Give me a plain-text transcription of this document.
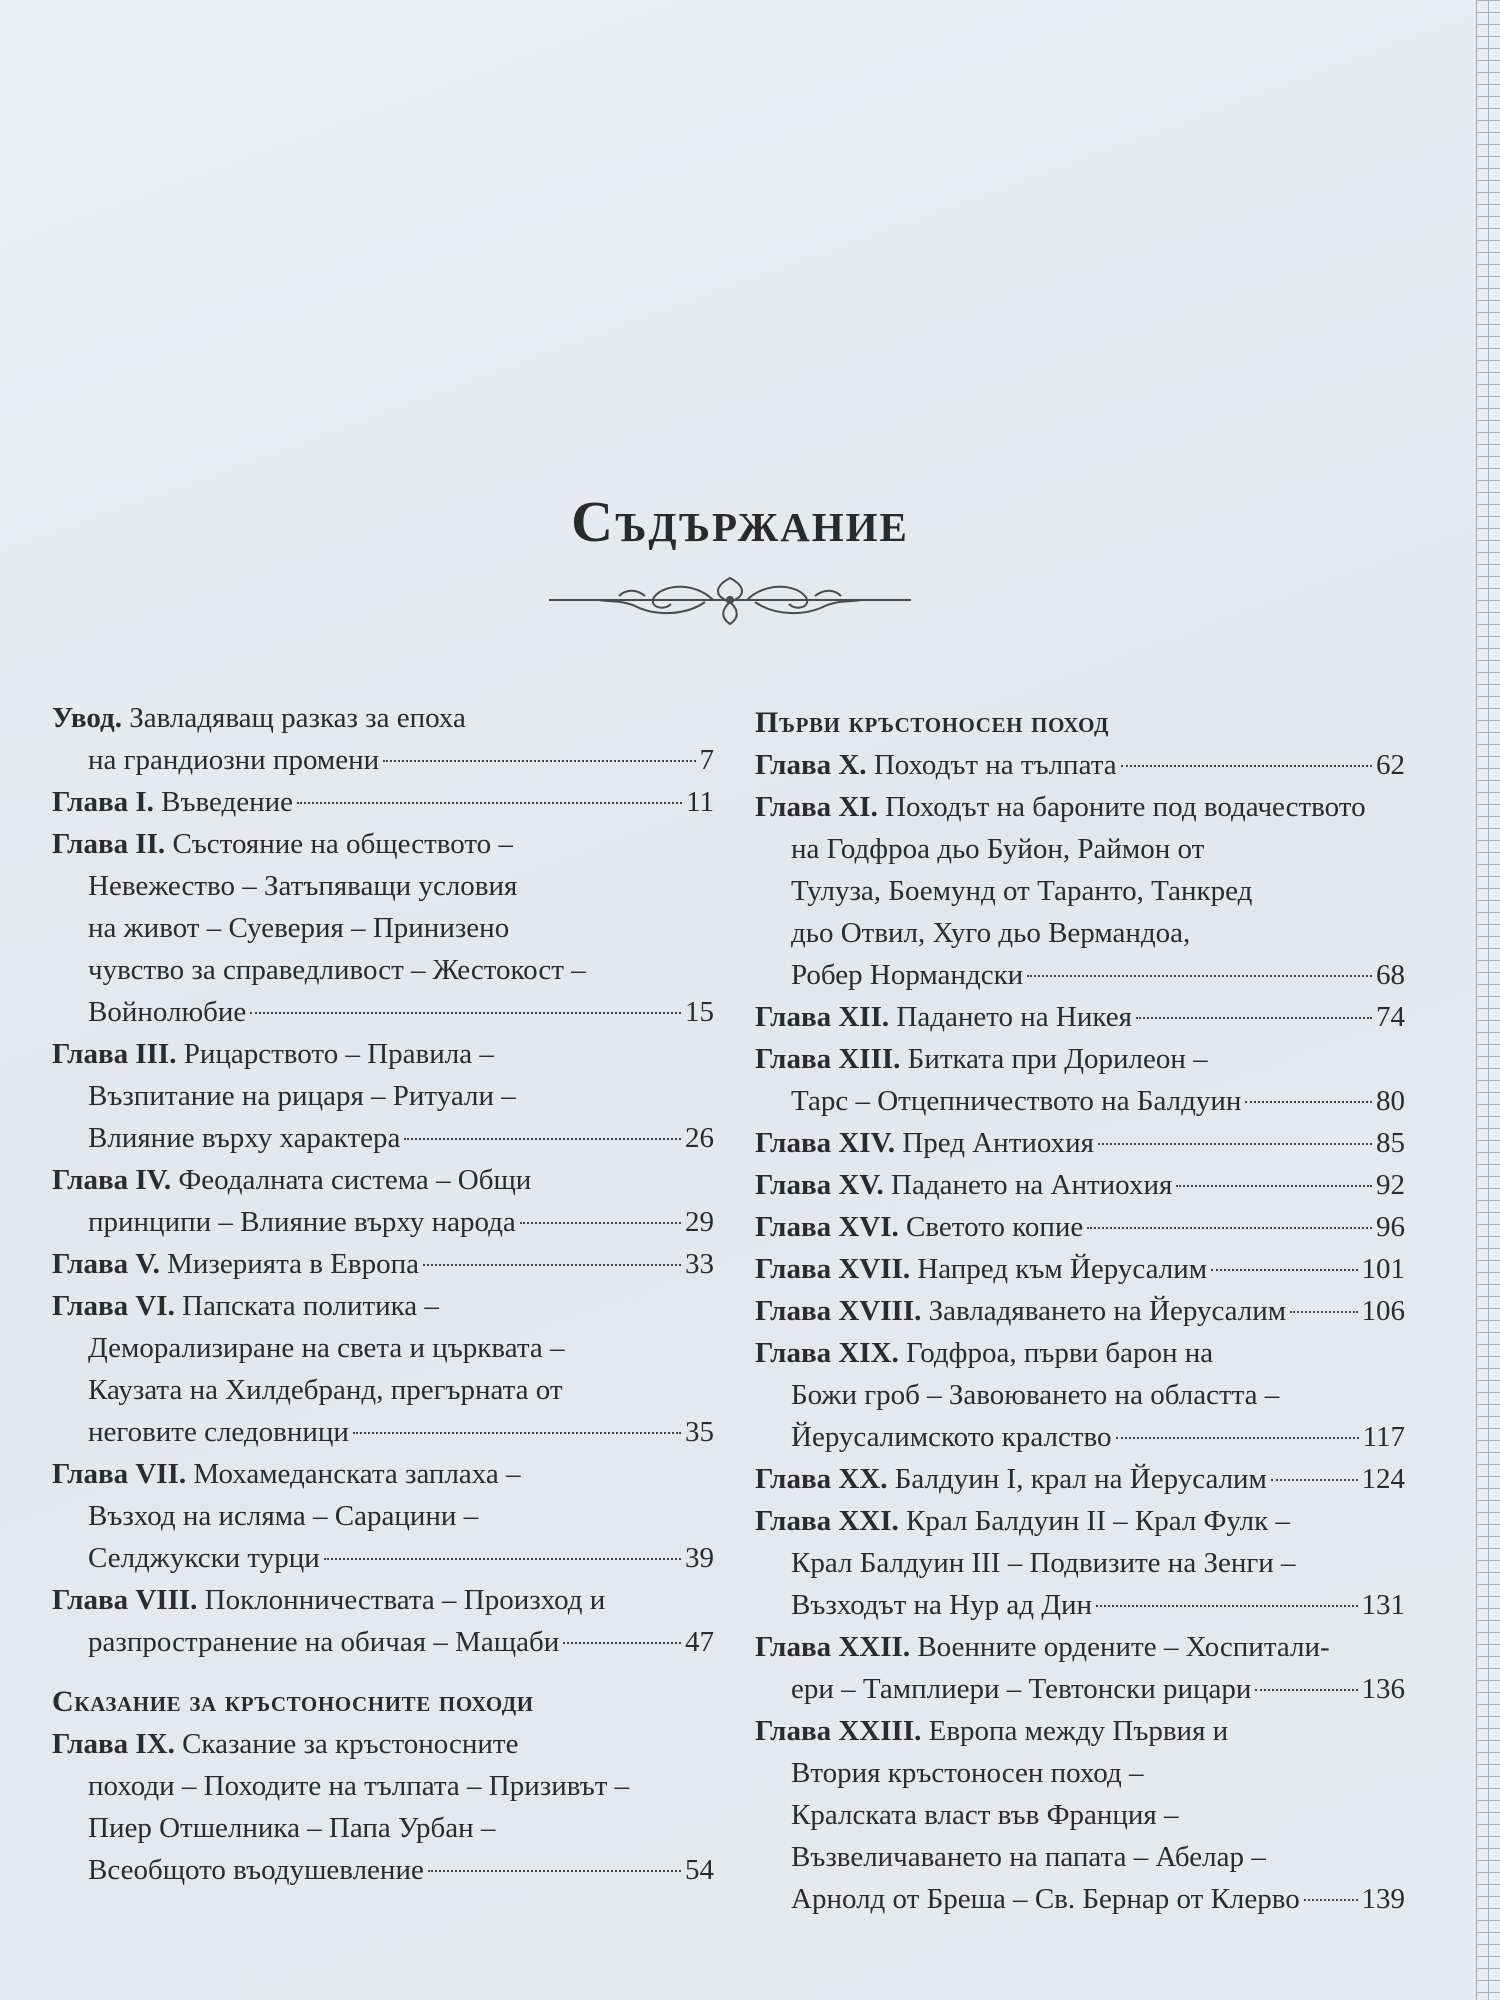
Съдържание
Увод. Завладяващ разказ за епоха
на грандиозни промени	7
Глава I. Въведение	11
Глава II. Състояние на обществото –
Невежество – Затъпяващи условия
на живот – Суеверия – Принизено
чувство за справедливост – Жестокост –
Войнолюбие	15
Глава III. Рицарството – Правила –
Възпитание на рицаря – Ритуали –
Влияние върху характера	26
Глава IV. Феодалната система – Общи
принципи – Влияние върху народа	29
Глава V. Мизерията в Европа	33
Глава VI. Папската политика –
Деморализиране на света и църквата –
Каузата на Хилдебранд, прегърната от
неговите следовници	35
Глава VII. Мохамеданската заплаха –
Възход на исляма – Сарацини –
Селджукски турци	39
Глава VIII. Поклонничествата – Произход и
разпространение на обичая – Мащаби	47
Сказание за кръстоносните походи
Глава IX. Сказание за кръстоносните
походи – Походите на тълпата – Призивът –
Пиер Отшелника – Папа Урбан –
Всеобщото въодушевление	54
Първи кръстоносен поход
Глава X. Походът на тълпата	62
Глава XI. Походът на бароните под водачеството
на Годфроа дьо Буйон, Раймон от
Тулуза, Боемунд от Таранто, Танкред
дьо Отвил, Хуго дьо Вермандоа,
Робер Нормандски	68
Глава XII. Падането на Никея	74
Глава XIII. Битката при Дорилеон –
Тарс – Отцепничеството на Балдуин	80
Глава XIV. Пред Антиохия	85
Глава XV. Падането на Антиохия	92
Глава XVI. Светото копие	96
Глава XVII. Напред към Йерусалим	101
Глава XVIII. Завладяването на Йерусалим	106
Глава XIX. Годфроа, първи барон на
Божи гроб – Завоюването на областта –
Йерусалимското кралство	117
Глава XX. Балдуин I, крал на Йерусалим	124
Глава XXI. Крал Балдуин II – Крал Фулк –
Крал Балдуин III – Подвизите на Зенги –
Възходът на Нур ад Дин	131
Глава XXII. Военните ордените – Хоспитали-
ери – Тамплиери – Тевтонски рицари	136
Глава XXIII. Европа между Първия и
Втория кръстоносен поход –
Кралската власт във Франция –
Възвеличаването на папата – Абелар –
Арнолд от Бреша – Св. Бернар от Клерво 139
